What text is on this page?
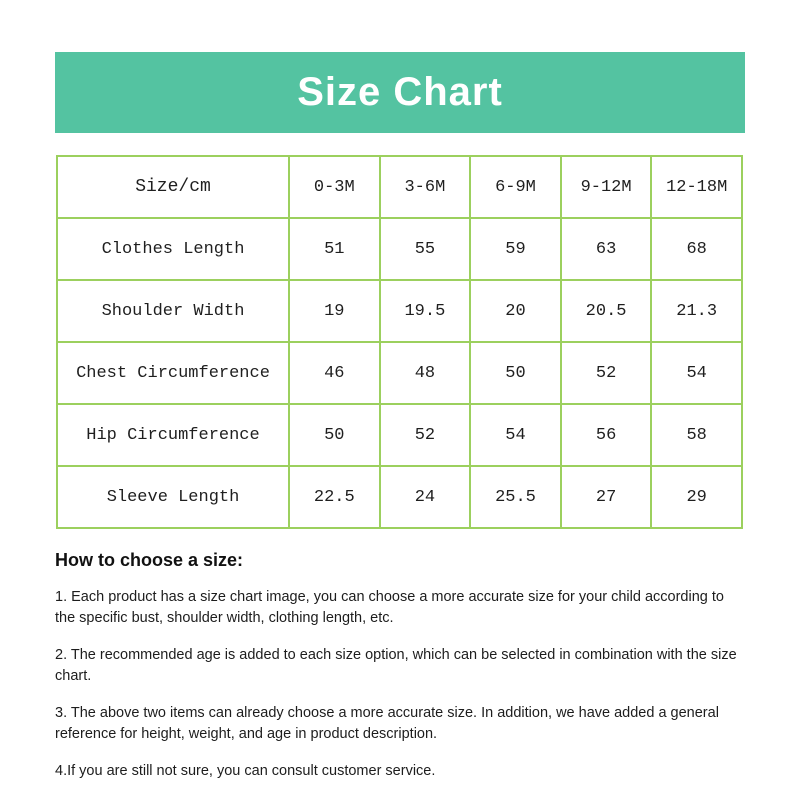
Size Chart
Size/cm	0-3M	3-6M	6-9M	9-12M	12-18M
Clothes Length	51	55	59	63	68
Shoulder Width	19	19.5	20	20.5	21.3
Chest Circumference	46	48	50	52	54
Hip Circumference	50	52	54	56	58
Sleeve Length	22.5	24	25.5	27	29
How to choose a size:

1. Each product has a size chart image, you can choose a more accurate size for your child according to the specific bust, shoulder width, clothing length, etc.

2. The recommended age is added to each size option, which can be selected in combination with the size chart.

3. The above two items can already choose a more accurate size. In addition, we have added a general reference for height, weight, and age in product description.

4.If you are still not sure, you can consult customer service.
